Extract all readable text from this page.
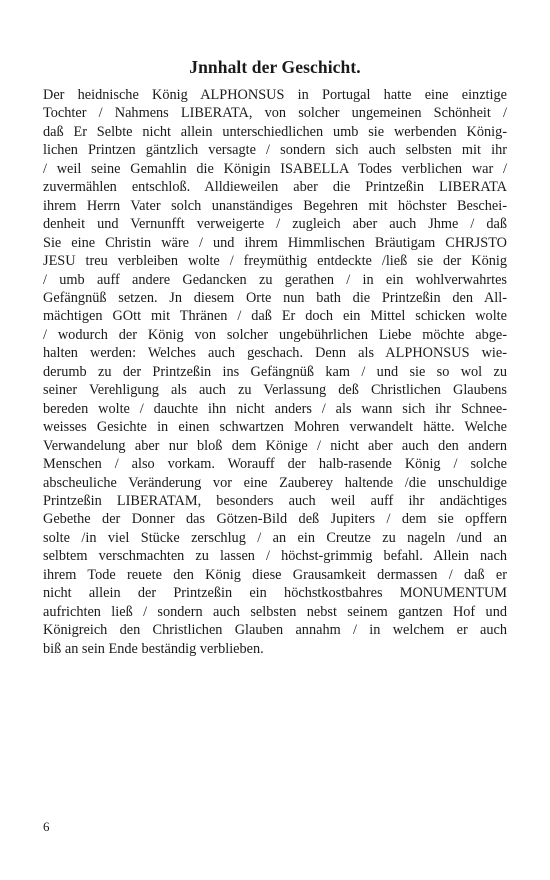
Jnnhalt der Geschicht.
Der heidnische König ALPHONSUS in Portugal hatte eine einztige
Tochter / Nahmens LIBERATA, von solcher ungemeinen Schönheit /
daß Er Selbte nicht allein unterschiedlichen umb sie werbenden König-
lichen Printzen gäntzlich versagte / sondern sich auch selbsten mit ihr
/ weil seine Gemahlin die Königin ISABELLA Todes verblichen war /
zuvermählen entschloß. Alldieweilen aber die Printzeßin LIBERATA
ihrem Herrn Vater solch unanständiges Begehren mit höchster Beschei-
denheit und Vernunfft verweigerte / zugleich aber auch Jhme / daß
Sie eine Christin wäre / und ihrem Himmlischen Bräutigam CHRJSTO
JESU treu verbleiben wolte / freymüthig entdeckte /ließ sie der König
/ umb auff andere Gedancken zu gerathen / in ein wohlverwahrtes
Gefängnüß setzen. Jn diesem Orte nun bath die Printzeßin den All-
mächtigen GOtt mit Thränen / daß Er doch ein Mittel schicken wolte
/ wodurch der König von solcher ungebührlichen Liebe möchte abge-
halten werden: Welches auch geschach. Denn als ALPHONSUS wie-
derumb zu der Printzeßin ins Gefängnüß kam / und sie so wol zu
seiner Verehligung als auch zu Verlassung deß Christlichen Glaubens
bereden wolte / dauchte ihn nicht anders / als wann sich ihr Schnee-
weisses Gesichte in einen schwartzen Mohren verwandelt hätte. Welche
Verwandelung aber nur bloß dem Könige / nicht aber auch den andern
Menschen / also vorkam. Worauff der halb-rasende König / solche
abscheuliche Veränderung vor eine Zauberey haltende /die unschuldige
Printzeßin LIBERATAM, besonders auch weil auff ihr andächtiges
Gebethe der Donner das Götzen-Bild deß Jupiters / dem sie opffern
solte /in viel Stücke zerschlug / an ein Creutze zu nageln /und an
selbtem verschmachten zu lassen / höchst-grimmig befahl. Allein nach
ihrem Tode reuete den König diese Grausamkeit dermassen / daß er
nicht allein der Printzeßin ein höchstkostbahres MONUMENTUM
aufrichten ließ / sondern auch selbsten nebst seinem gantzen Hof und
Königreich den Christlichen Glauben annahm / in welchem er auch
biß an sein Ende beständig verblieben.
6
